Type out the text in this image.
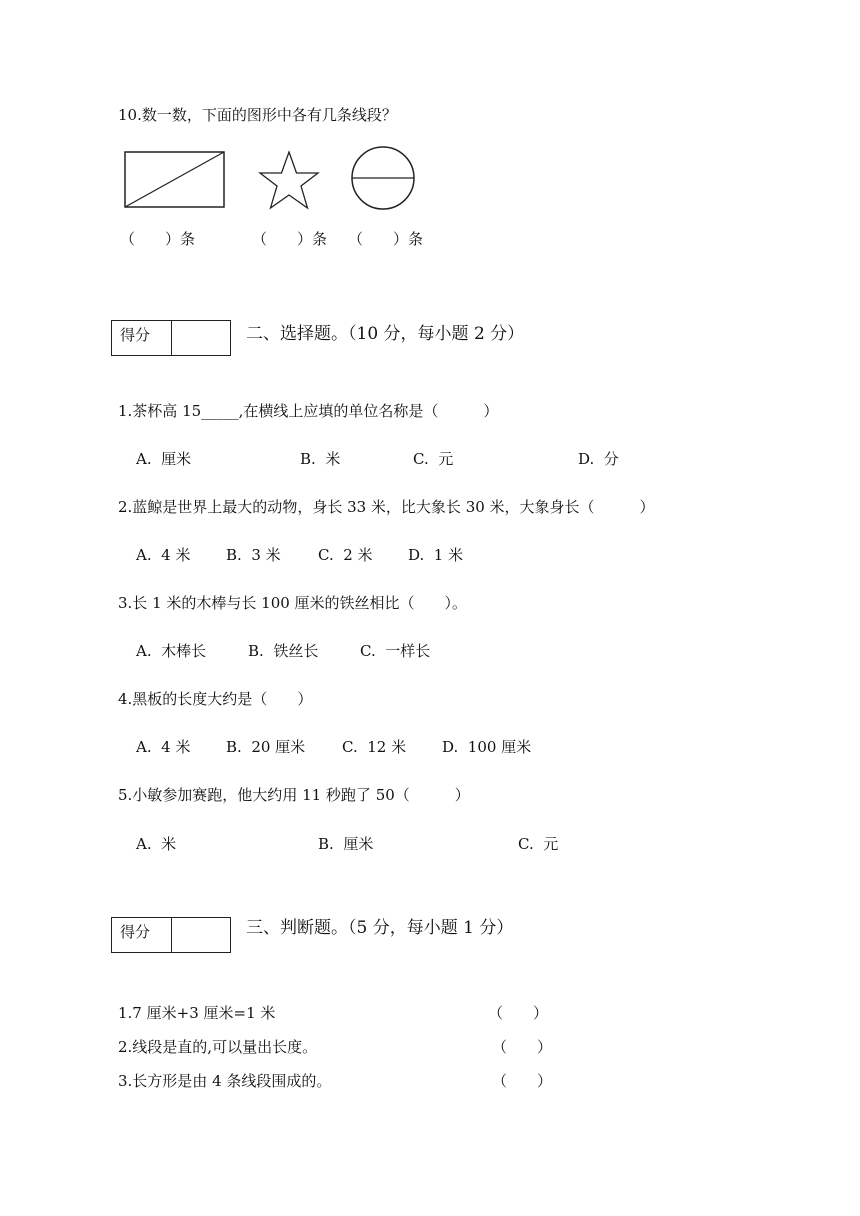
10.数一数，下面的图形中各有几条线段？
（　　）条	（　　）条 （　　）条
得分	二、选择题。（10 分，每小题 2 分）
1.茶杯高 15_____,在横线上应填的单位名称是（　　　）
A.  厘米	B.  米	C.  元	D.  分
2.蓝鲸是世界上最大的动物，身长 33 米，比大象长 30 米，大象身长（　　　）
A.  4 米 B.  3 米 C.  2 米 D.  1 米
3.长 1 米的木棒与长 100 厘米的铁丝相比（　　）。
A.  木棒长	B.  铁丝长	C.  一样长
4.黑板的长度大约是（　　）
A.  4 米 B.  20 厘米 C.  12 米 D.  100 厘米
5.小敏参加赛跑，他大约用 11 秒跑了 50（　　　）
A.  米	B.  厘米	C.  元
得分	三、判断题。（5 分，每小题 1 分）
1.7 厘米+3 厘米=1 米	（　　）
2.线段是直的,可以量出长度。	（　　）
3.长方形是由 4 条线段围成的。	（　　）
